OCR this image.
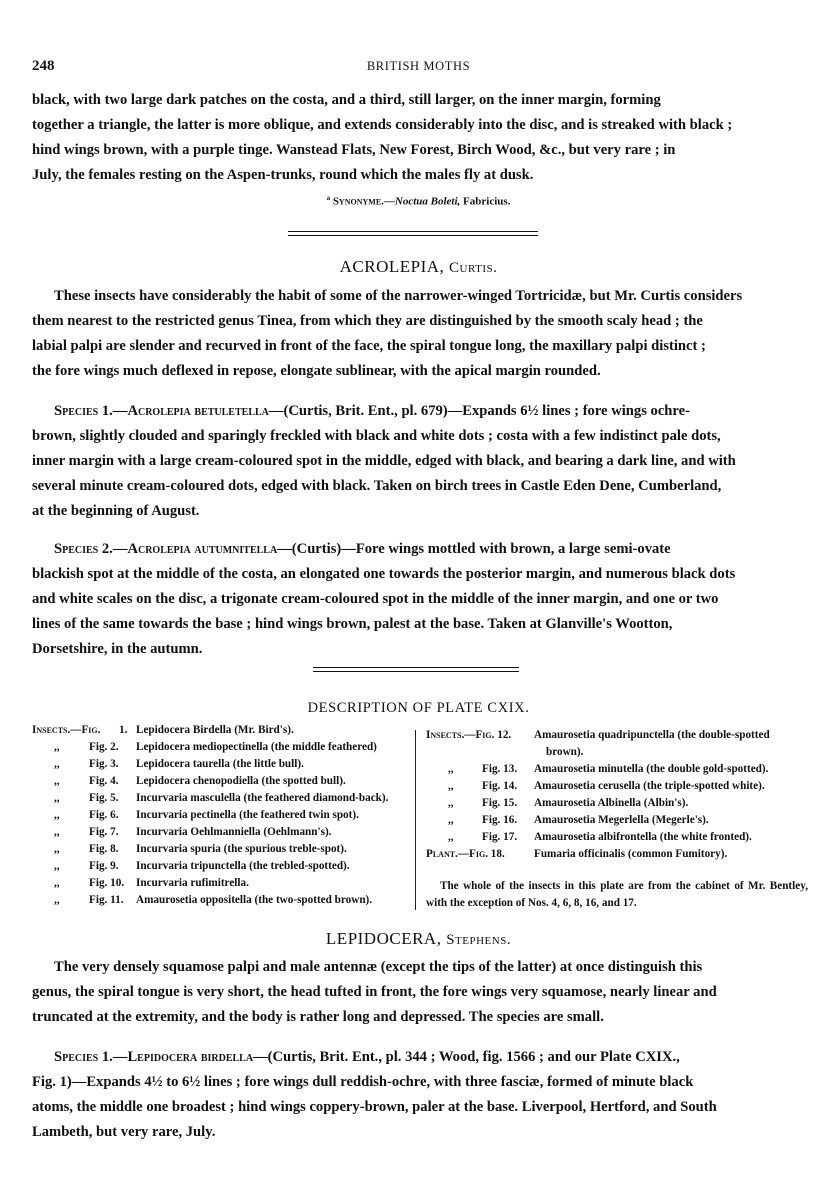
248	BRITISH MOTHS
black, with two large dark patches on the costa, and a third, still larger, on the inner margin, forming
together a triangle, the latter is more oblique, and extends considerably into the disc, and is streaked with black ;
hind wings brown, with a purple tinge. Wanstead Flats, New Forest, Birch Wood, &c., but very rare ; in
July, the females resting on the Aspen-trunks, round which the males fly at dusk.
$^a$ Synonyme.—Noctua Boleti, Fabricius.
ACROLEPIA, Curtis.
These insects have considerably the habit of some of the narrower-winged Tortricidæ, but Mr. Curtis considers
them nearest to the restricted genus Tinea, from which they are distinguished by the smooth scaly head ; the
labial palpi are slender and recurved in front of the face, the spiral tongue long, the maxillary palpi distinct ;
the fore wings much deflexed in repose, elongate sublinear, with the apical margin rounded.
Species 1.—Acrolepia betuletella—(Curtis, Brit. Ent., pl. 679)—Expands 6½ lines ; fore wings ochre-
brown, slightly clouded and sparingly freckled with black and white dots ; costa with a few indistinct pale dots,
inner margin with a large cream-coloured spot in the middle, edged with black, and bearing a dark line, and with
several minute cream-coloured dots, edged with black. Taken on birch trees in Castle Eden Dene, Cumberland,
at the beginning of August.
Species 2.—Acrolepia autumnitella—(Curtis)—Fore wings mottled with brown, a large semi-ovate
blackish spot at the middle of the costa, an elongated one towards the posterior margin, and numerous black dots
and white scales on the disc, a trigonate cream-coloured spot in the middle of the inner margin, and one or two
lines of the same towards the base ; hind wings brown, palest at the base. Taken at Glanville's Wootton,
Dorsetshire, in the autumn.
DESCRIPTION OF PLATE CXIX.
Insects.—Fig. 1. Lepidocera Birdella (Mr. Bird's).
,,	Fig. 2. Lepidocera mediopectinella (the middle feathered)
,,	Fig. 3. Lepidocera taurella (the little bull).
,,	Fig. 4. Lepidocera chenopodiella (the spotted bull).
,,	Fig. 5. Incurvaria masculella (the feathered diamond-back).
,,	Fig. 6. Incurvaria pectinella (the feathered twin spot).
,,	Fig. 7. Incurvaria Oehlmanniella (Oehlmann's).
,,	Fig. 8. Incurvaria spuria (the spurious treble-spot).
,,	Fig. 9. Incurvaria tripunctella (the trebled-spotted).
,,	Fig. 10. Incurvaria rufimitrella.
,,	Fig. 11. Amaurosetia oppositella (the two-spotted brown).
Insects.—Fig. 12. Amaurosetia quadripunctella (the double-spotted
brown).
,,	Fig. 13. Amaurosetia minutella (the double gold-spotted).
,,	Fig. 14. Amaurosetia cerusella (the triple-spotted white).
,,	Fig. 15. Amaurosetia Albinella (Albin's).
,,	Fig. 16. Amaurosetia Megerlella (Megerle's).
,,	Fig. 17. Amaurosetia albifrontella (the white fronted).
Plant.—Fig. 18.	Fumaria officinalis (common Fumitory).
The whole of the insects in this plate are from the cabinet of Mr. Bentley, with the exception of Nos. 4, 6, 8, 16, and 17.
LEPIDOCERA, Stephens.
The very densely squamose palpi and male antennæ (except the tips of the latter) at once distinguish this
genus, the spiral tongue is very short, the head tufted in front, the fore wings very squamose, nearly linear and
truncated at the extremity, and the body is rather long and depressed. The species are small.
Species 1.—Lepidocera birdella—(Curtis, Brit. Ent., pl. 344 ; Wood, fig. 1566 ; and our Plate CXIX.,
Fig. 1)—Expands 4½ to 6½ lines ; fore wings dull reddish-ochre, with three fasciæ, formed of minute black
atoms, the middle one broadest ; hind wings coppery-brown, paler at the base. Liverpool, Hertford, and South
Lambeth, but very rare, July.
